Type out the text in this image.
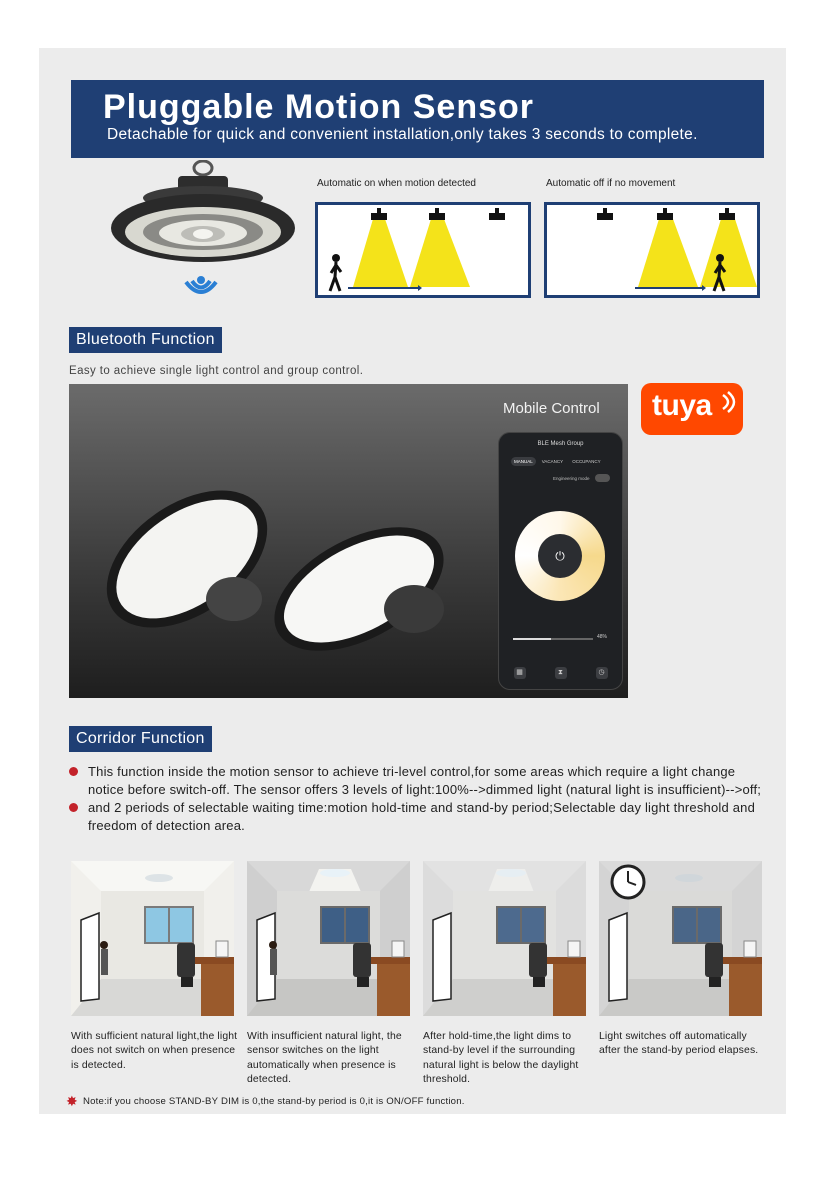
Pluggable Motion Sensor
Detachable for quick and convenient installation,only takes 3 seconds to complete.
Automatic on when motion detected	Automatic off if no movement
Bluetooth Function
Easy to achieve single light control and group control.
Mobile Control
BLE Mesh Group
MANUAL	VACANCY	OCCUPANCY
Engineering mode
⏻
48%
▦	⧗	◷
tuya
Corridor Function
This function inside the motion sensor to achieve tri-level control,for some areas which require a light change notice before switch-off. The sensor offers 3 levels of light:100%-->dimmed light (natural light is insufficient)-->off;
and 2 periods of selectable waiting time:motion hold-time and stand-by period;Selectable day light threshold and freedom of detection area.
With sufficient natural light,the light does not switch on when presence is detected.
With insufficient natural light, the sensor switches on the light automatically when presence is detected.
After hold-time,the light dims to stand-by level if the surrounding natural light is below the daylight threshold.
Light switches off automatically after the stand-by period elapses.
✸ Note:if you choose STAND-BY DIM is 0,the stand-by period is 0,it is ON/OFF function.
